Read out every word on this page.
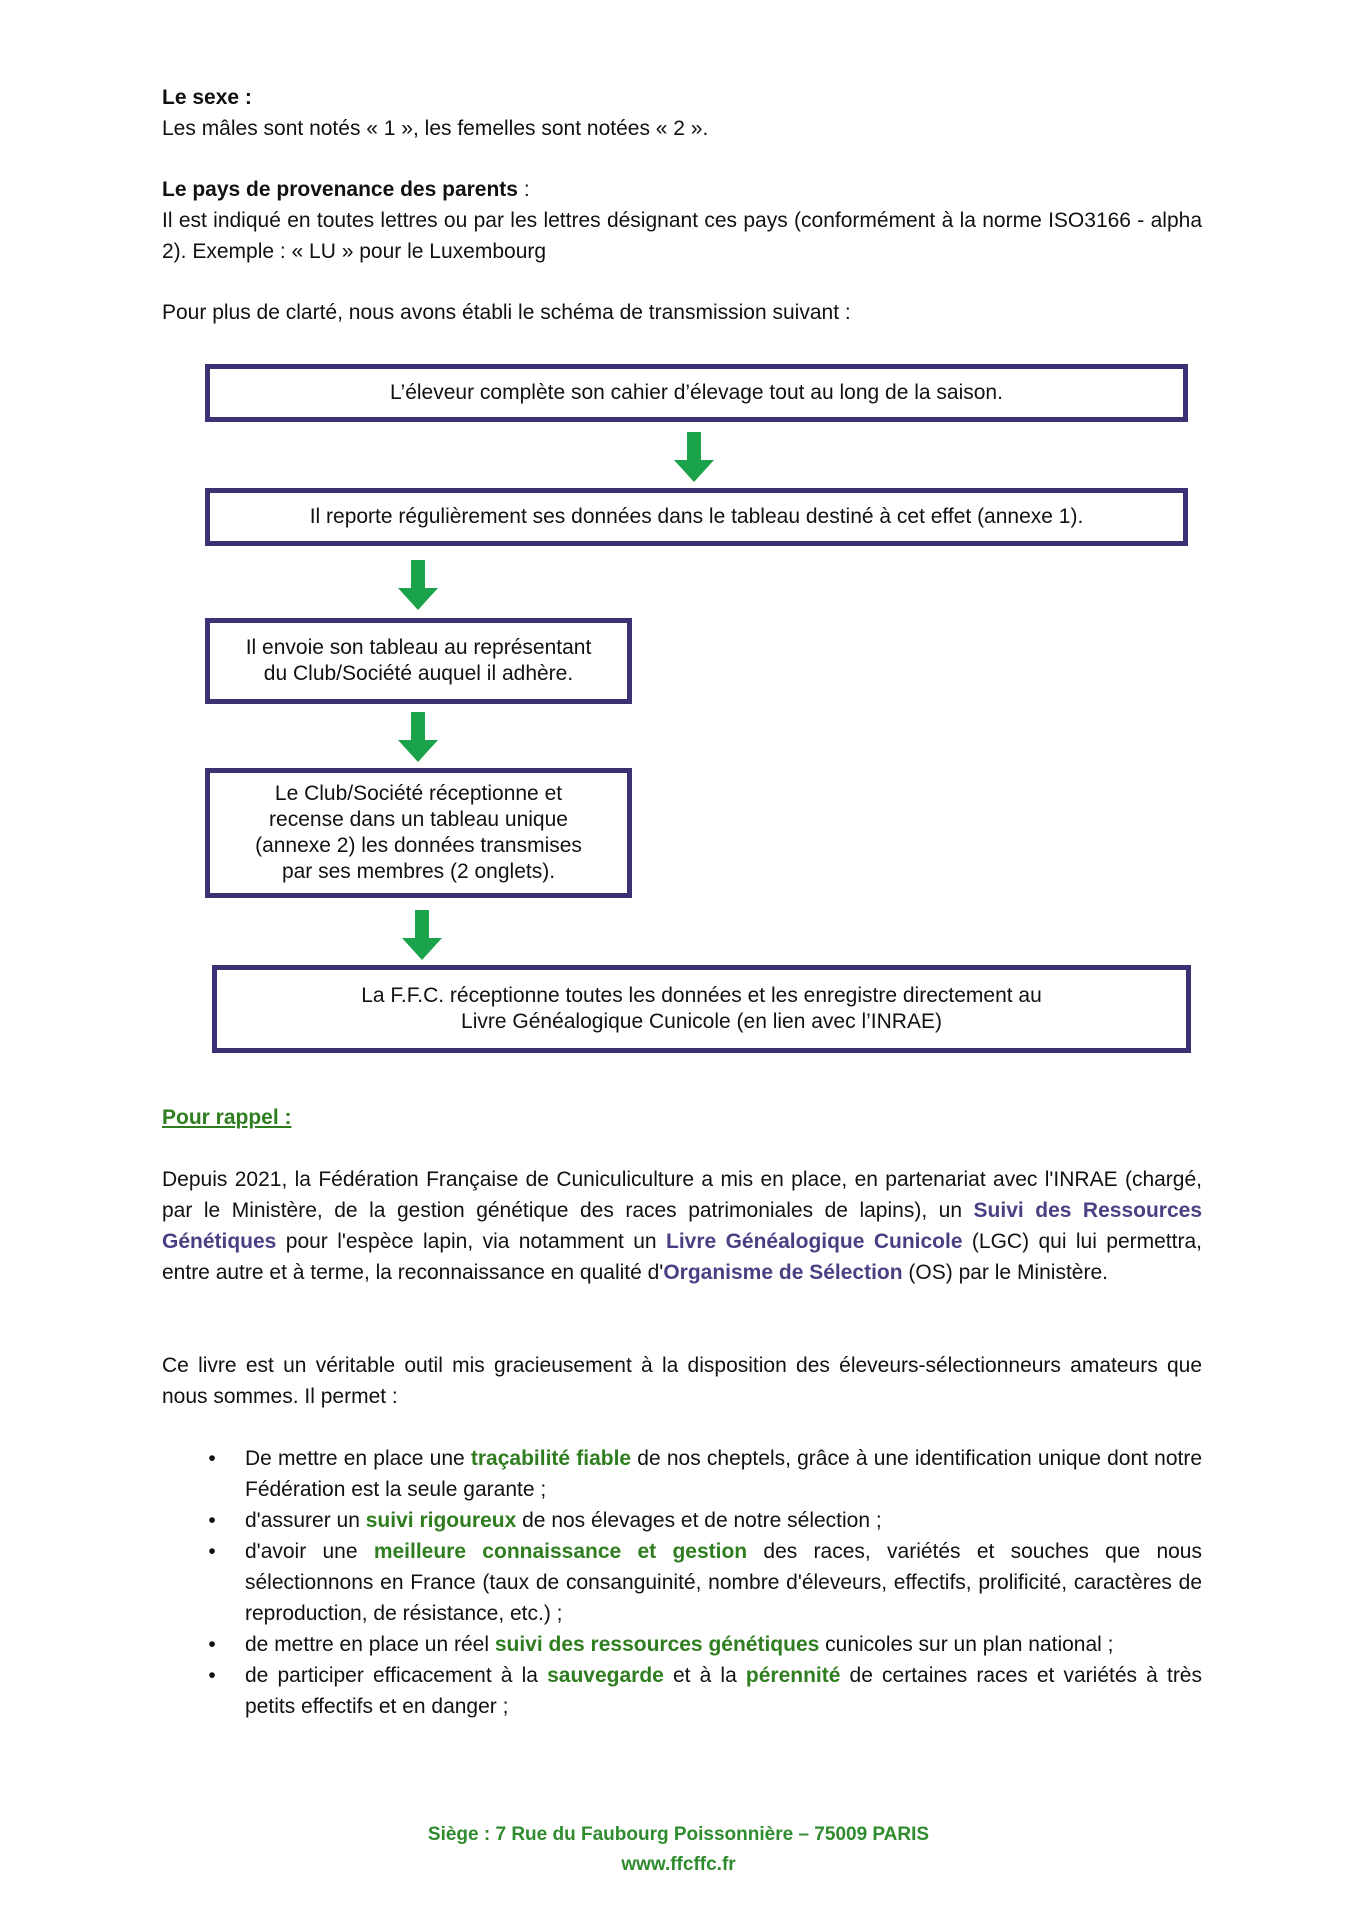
Le sexe :

Les mâles sont notés « 1 », les femelles sont notées « 2 ».

Le pays de provenance des parents :

Il est indiqué en toutes lettres ou par les lettres désignant ces pays (conformément à la norme ISO3166 - alpha 2). Exemple : « LU » pour le Luxembourg

Pour plus de clarté, nous avons établi le schéma de transmission suivant :
L’éleveur complète son cahier d’élevage tout au long de la saison.
Il reporte régulièrement ses données dans le tableau destiné à cet effet (annexe 1).
Il envoie son tableau au représentant
du Club/Société auquel il adhère.
Le Club/Société réceptionne et
recense dans un tableau unique
(annexe 2) les données transmises
par ses membres (2 onglets).
La F.F.C. réceptionne toutes les données et les enregistre directement au
Livre Généalogique Cunicole (en lien avec l’INRAE)
Pour rappel :
Depuis 2021, la Fédération Française de Cuniculiculture a mis en place, en partenariat avec l'INRAE (chargé, par le Ministère, de la gestion génétique des races patrimoniales de lapins), un Suivi des Ressources Génétiques pour l'espèce lapin, via notamment un Livre Généalogique Cunicole (LGC) qui lui permettra, entre autre et à terme, la reconnaissance en qualité d'Organisme de Sélection (OS) par le Ministère.
Ce livre est un véritable outil mis gracieusement à la disposition des éleveurs-sélectionneurs amateurs que nous sommes. Il permet :
• De mettre en place une traçabilité fiable de nos cheptels, grâce à une identification unique dont notre Fédération est la seule garante ;
• d'assurer un suivi rigoureux de nos élevages et de notre sélection ;
• d'avoir une meilleure connaissance et gestion des races, variétés et souches que nous sélectionnons en France (taux de consanguinité, nombre d'éleveurs, effectifs, prolificité, caractères de reproduction, de résistance, etc.) ;
• de mettre en place un réel suivi des ressources génétiques cunicoles sur un plan national ;
• de participer efficacement à la sauvegarde et à la pérennité de certaines races et variétés à très petits effectifs et en danger ;
Siège : 7 Rue du Faubourg Poissonnière – 75009 PARIS
www.ffcffc.fr
